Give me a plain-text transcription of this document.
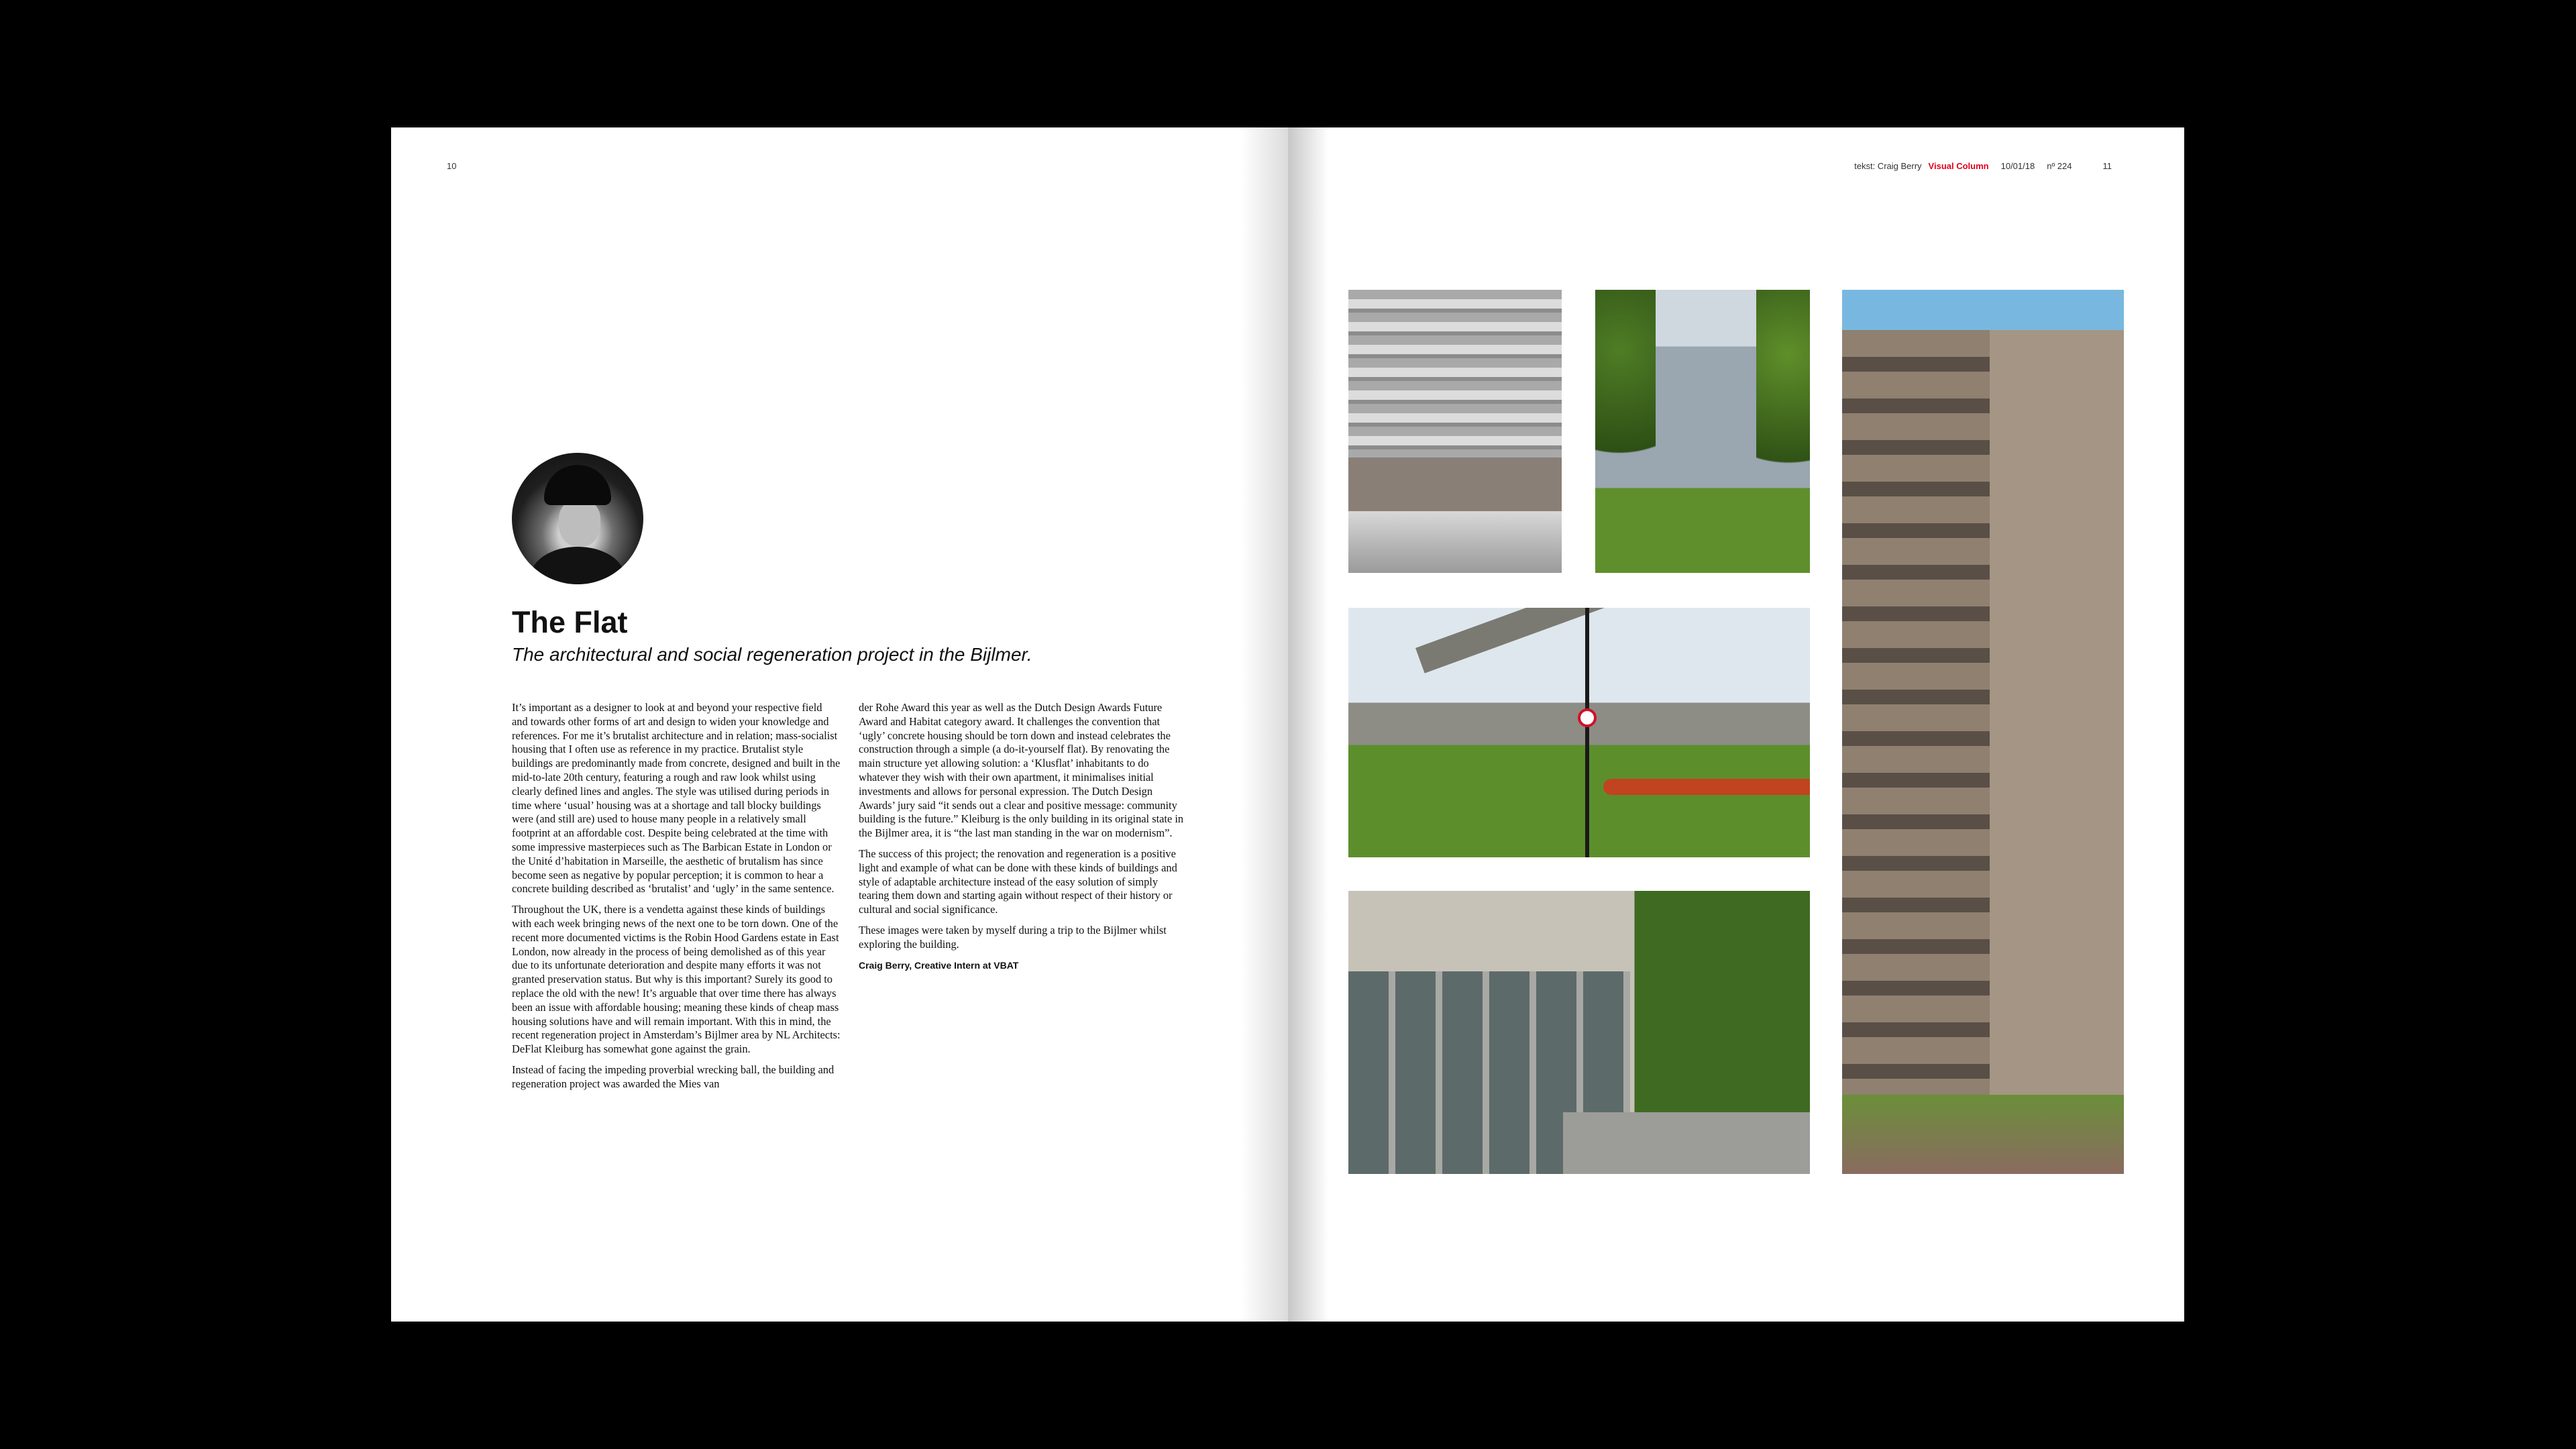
10
The Flat

The architectural and social regeneration project in the Bijlmer.

It’s important as a designer to look at and beyond your respective field and towards other forms of art and design to widen your knowledge and references. For me it’s brutalist architecture and in relation; mass-socialist housing that I often use as reference in my practice. Brutalist style buildings are predominantly made from concrete, designed and built in the mid-to-late 20th century, featuring a rough and raw look whilst using clearly defined lines and angles. The style was utilised during periods in time where ‘usual’ housing was at a shortage and tall blocky buildings were (and still are) used to house many people in a relatively small footprint at an affordable cost. Despite being celebrated at the time with some impressive masterpieces such as The Barbican Estate in London or the Unité d’habitation in Marseille, the aesthetic of brutalism has since become seen as negative by popular perception; it is common to hear a concrete building described as ‘brutalist’ and ‘ugly’ in the same sentence.

Throughout the UK, there is a vendetta against these kinds of buildings with each week bringing news of the next one to be torn down. One of the recent more documented victims is the Robin Hood Gardens estate in East London, now already in the process of being demolished as of this year due to its unfortunate deterioration and despite many efforts it was not granted preservation status. But why is this important? Surely its good to replace the old with the new! It’s arguable that over time there has always been an issue with affordable housing; meaning these kinds of cheap mass housing solutions have and will remain important. With this in mind, the recent regeneration project in Amsterdam’s Bijlmer area by NL Architects: DeFlat Kleiburg has somewhat gone against the grain.

Instead of facing the impeding proverbial wrecking ball, the building and regeneration project was awarded the Mies van

der Rohe Award this year as well as the Dutch Design Awards Future Award and Habitat category award. It challenges the convention that ‘ugly’ concrete housing should be torn down and instead celebrates the construction through a simple (a do-it-yourself flat). By renovating the main structure yet allowing solution: a ‘Klusflat’ inhabitants to do whatever they wish with their own apartment, it minimalises initial investments and allows for personal expression. The Dutch Design Awards’ jury said “it sends out a clear and positive message: community building is the future.” Kleiburg is the only building in its original state in the Bijlmer area, it is “the last man standing in the war on modernism”.

The success of this project; the renovation and regeneration is a positive light and example of what can be done with these kinds of buildings and style of adaptable architecture instead of the easy solution of simply tearing them down and starting again without respect of their history or cultural and social significance.

These images were taken by myself during a trip to the Bijlmer whilst exploring the building.

Craig Berry, Creative Intern at VBAT

tekst: Craig Berry Visual Column 10/01/18 nº 224	11
